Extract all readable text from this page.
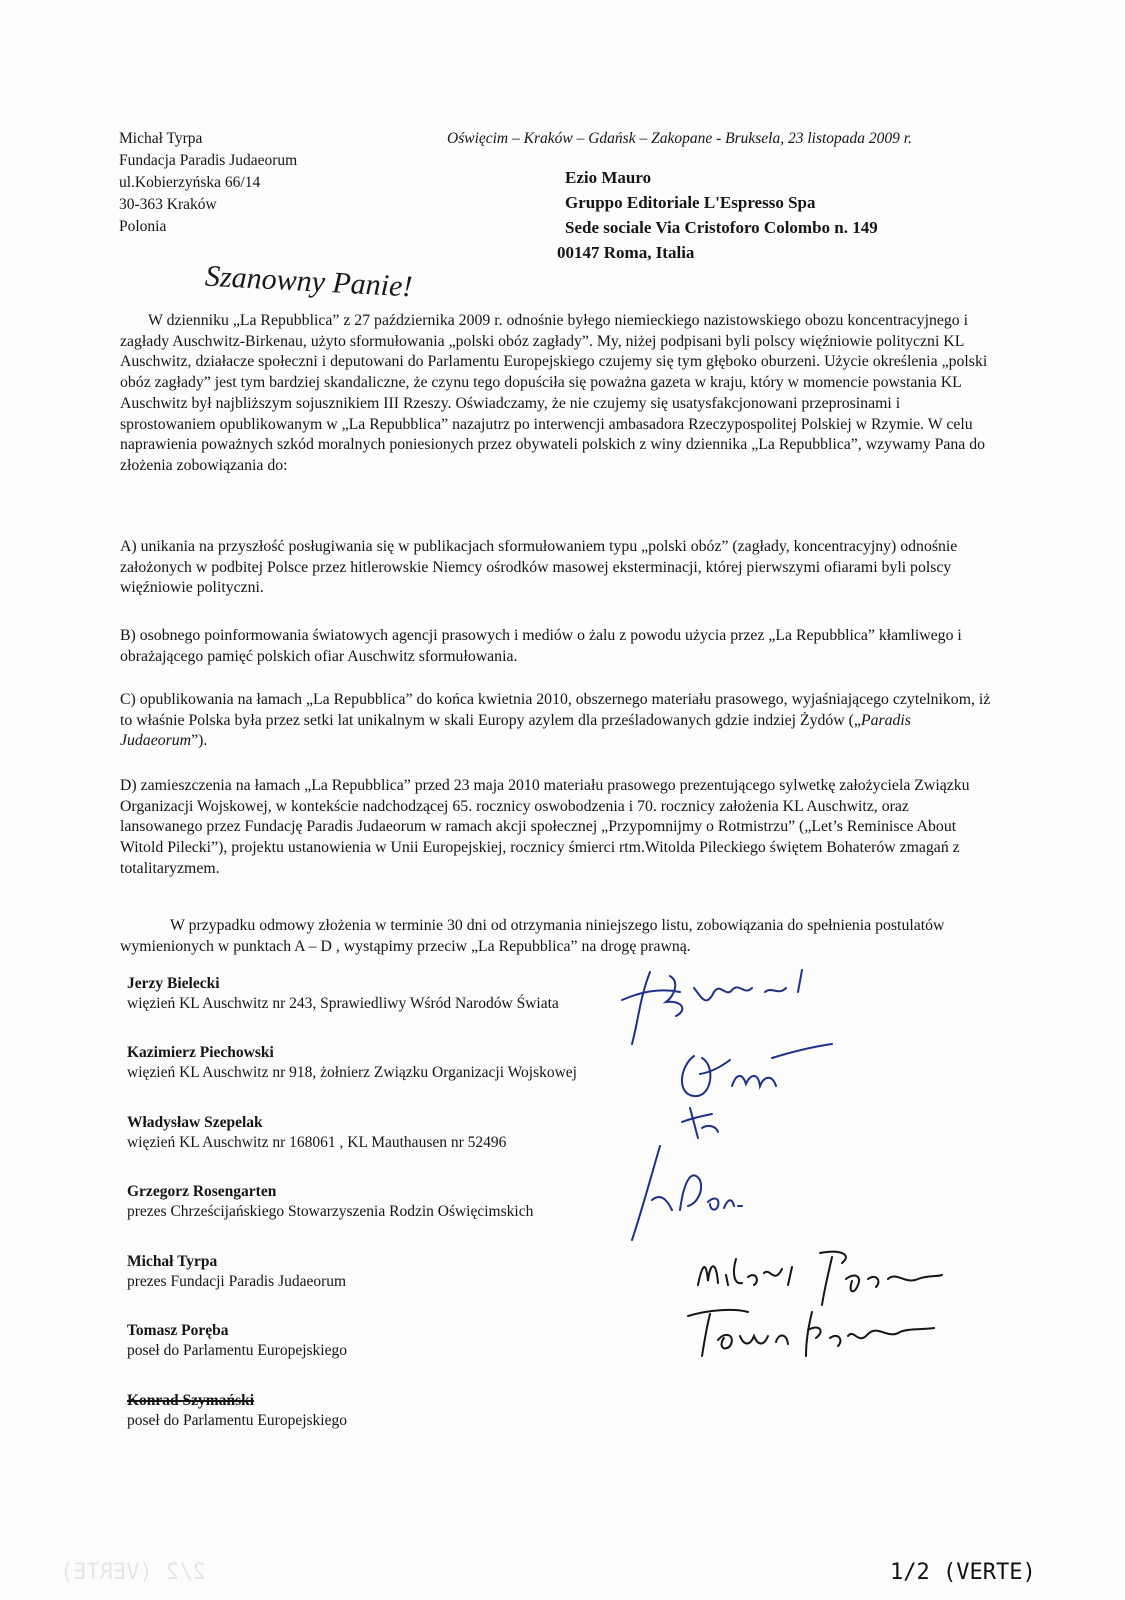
2/2 (VERTE)
Michał Tyrpa
Fundacja Paradis Judaeorum
ul.Kobierzyńska 66/14
30-363 Kraków
Polonia
Oświęcim – Kraków – Gdańsk – Zakopane - Bruksela, 23 listopada 2009 r.
Ezio Mauro
Gruppo Editoriale L'Espresso Spa
Sede sociale Via Cristoforo Colombo n. 149
00147 Roma, Italia
Szanowny Panie!
W dzienniku „La Repubblica” z 27 października 2009 r. odnośnie byłego niemieckiego nazistowskiego obozu koncentracyjnego i zagłady Auschwitz-Birkenau, użyto sformułowania „polski obóz zagłady”. My, niżej podpisani byli polscy więźniowie polityczni KL Auschwitz, działacze społeczni i deputowani do Parlamentu Europejskiego czujemy się tym głęboko oburzeni. Użycie określenia „polski obóz zagłady” jest tym bardziej skandaliczne, że czynu tego dopuściła się poważna gazeta w kraju, który w momencie powstania KL Auschwitz był najbliższym sojusznikiem III Rzeszy. Oświadczamy, że nie czujemy się usatysfakcjonowani przeprosinami i sprostowaniem opublikowanym w „La Repubblica” nazajutrz po interwencji ambasadora Rzeczypospolitej Polskiej w Rzymie. W celu naprawienia poważnych szkód moralnych poniesionych przez obywateli polskich z winy dziennika „La Repubblica”, wzywamy Pana do złożenia zobowiązania do:
A) unikania na przyszłość posługiwania się w publikacjach sformułowaniem typu „polski obóz” (zagłady, koncentracyjny) odnośnie założonych w podbitej Polsce przez hitlerowskie Niemcy ośrodków masowej eksterminacji, której pierwszymi ofiarami byli polscy więźniowie polityczni.
B) osobnego poinformowania światowych agencji prasowych i mediów o żalu z powodu użycia przez „La Repubblica” kłamliwego i obrażającego pamięć polskich ofiar Auschwitz sformułowania.
C) opublikowania na łamach „La Repubblica” do końca kwietnia 2010, obszernego materiału prasowego, wyjaśniającego czytelnikom, iż to właśnie Polska była przez setki lat unikalnym w skali Europy azylem dla prześladowanych gdzie indziej Żydów („Paradis Judaeorum”).
D) zamieszczenia na łamach „La Repubblica” przed 23 maja 2010 materiału prasowego prezentującego sylwetkę założyciela Związku Organizacji Wojskowej, w kontekście nadchodzącej 65. rocznicy oswobodzenia i 70. rocznicy założenia KL Auschwitz, oraz lansowanego przez Fundację Paradis Judaeorum w ramach akcji społecznej „Przypomnijmy o Rotmistrzu” („Let’s Reminisce About Witold Pilecki”), projektu ustanowienia w Unii Europejskiej, rocznicy śmierci rtm.Witolda Pileckiego świętem Bohaterów zmagań z totalitaryzmem.
W przypadku odmowy złożenia w terminie 30 dni od otrzymania niniejszego listu, zobowiązania do spełnienia postulatów wymienionych w punktach A – D , wystąpimy przeciw „La Repubblica” na drogę prawną.
Jerzy Bielecki
więzień KL Auschwitz nr 243, Sprawiedliwy Wśród Narodów Świata
Kazimierz Piechowski
więzień KL Auschwitz nr 918, żołnierz Związku Organizacji Wojskowej
Władysław Szepelak
więzień KL Auschwitz nr 168061 , KL Mauthausen nr 52496
Grzegorz Rosengarten
prezes Chrześcijańskiego Stowarzyszenia Rodzin Oświęcimskich
Michał Tyrpa
prezes Fundacji Paradis Judaeorum
Tomasz Poręba
poseł do Parlamentu Europejskiego
Konrad Szymański
poseł do Parlamentu Europejskiego
1/2 (VERTE)
